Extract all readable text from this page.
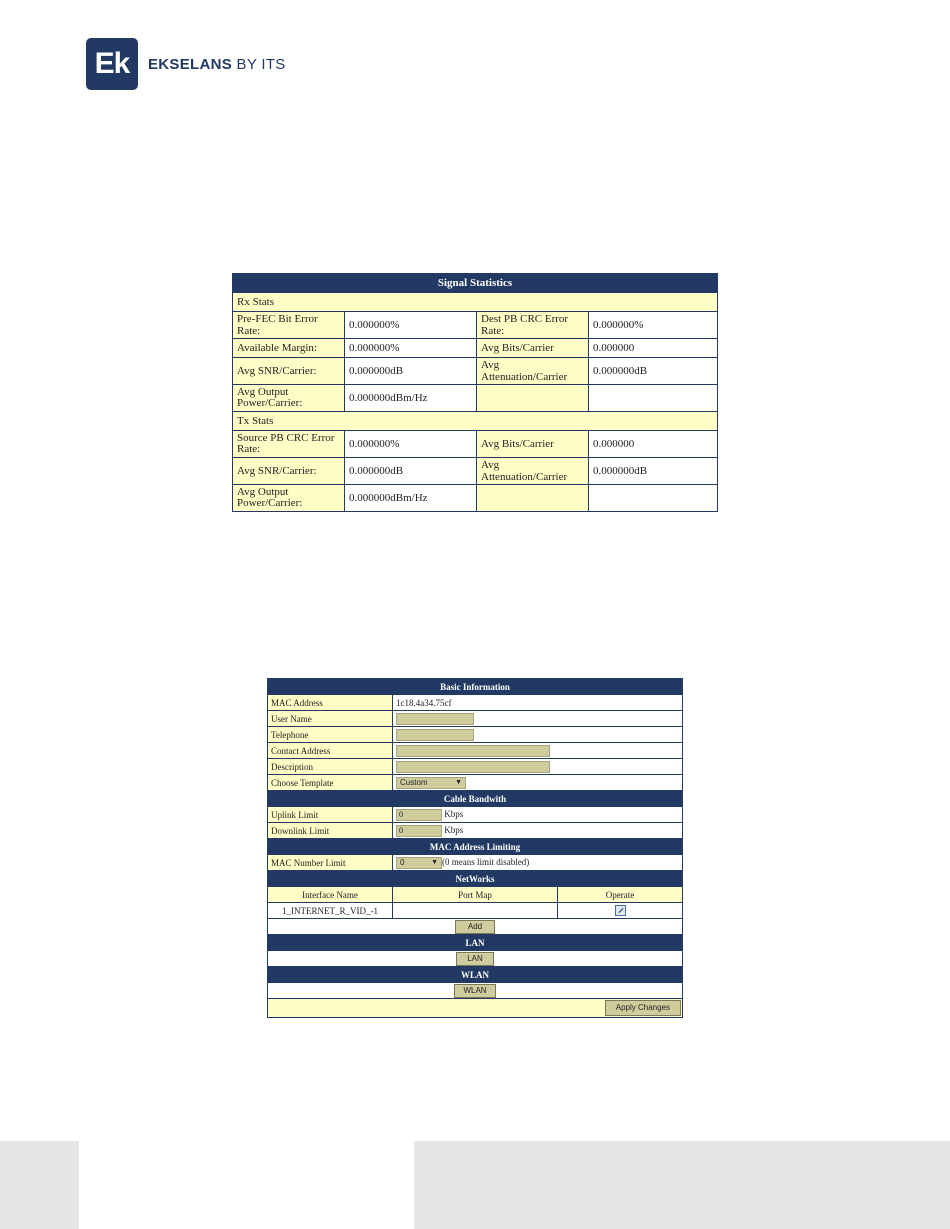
Ek	EKSELANS BY ITS
Signal Statistics			
Rx Stats			
Pre-FEC Bit Error Rate:	0.000000%	Dest PB CRC Error Rate:	0.000000%
Available Margin:	0.000000%	Avg Bits/Carrier	0.000000
Avg SNR/Carrier:	0.000000dB	Avg Attenuation/Carrier	0.000000dB
Avg Output Power/Carrier:	0.000000dBm/Hz		
Tx Stats			
Source PB CRC Error Rate:	0.000000%	Avg Bits/Carrier	0.000000
Avg SNR/Carrier:	0.000000dB	Avg Attenuation/Carrier	0.000000dB
Avg Output Power/Carrier:	0.000000dBm/Hz		
Basic Information		
MAC Address	1c18.4a34.75cf	
User Name		
Telephone		
Contact Address		
Description		
Choose Template	Custom ▼	

Cable Bandwith		
Uplink Limit	0 Kbps	
Downlink Limit	0 Kbps	
MAC Address Limiting		
MAC Number Limit	0 ▼ (0 means limit disabled)	
NetWorks		
Interface Name	Port Map	Operate
1_INTERNET_R_VID_-1		
Add		
LAN		
LAN		
WLAN		
WLAN		
Apply Changes		
